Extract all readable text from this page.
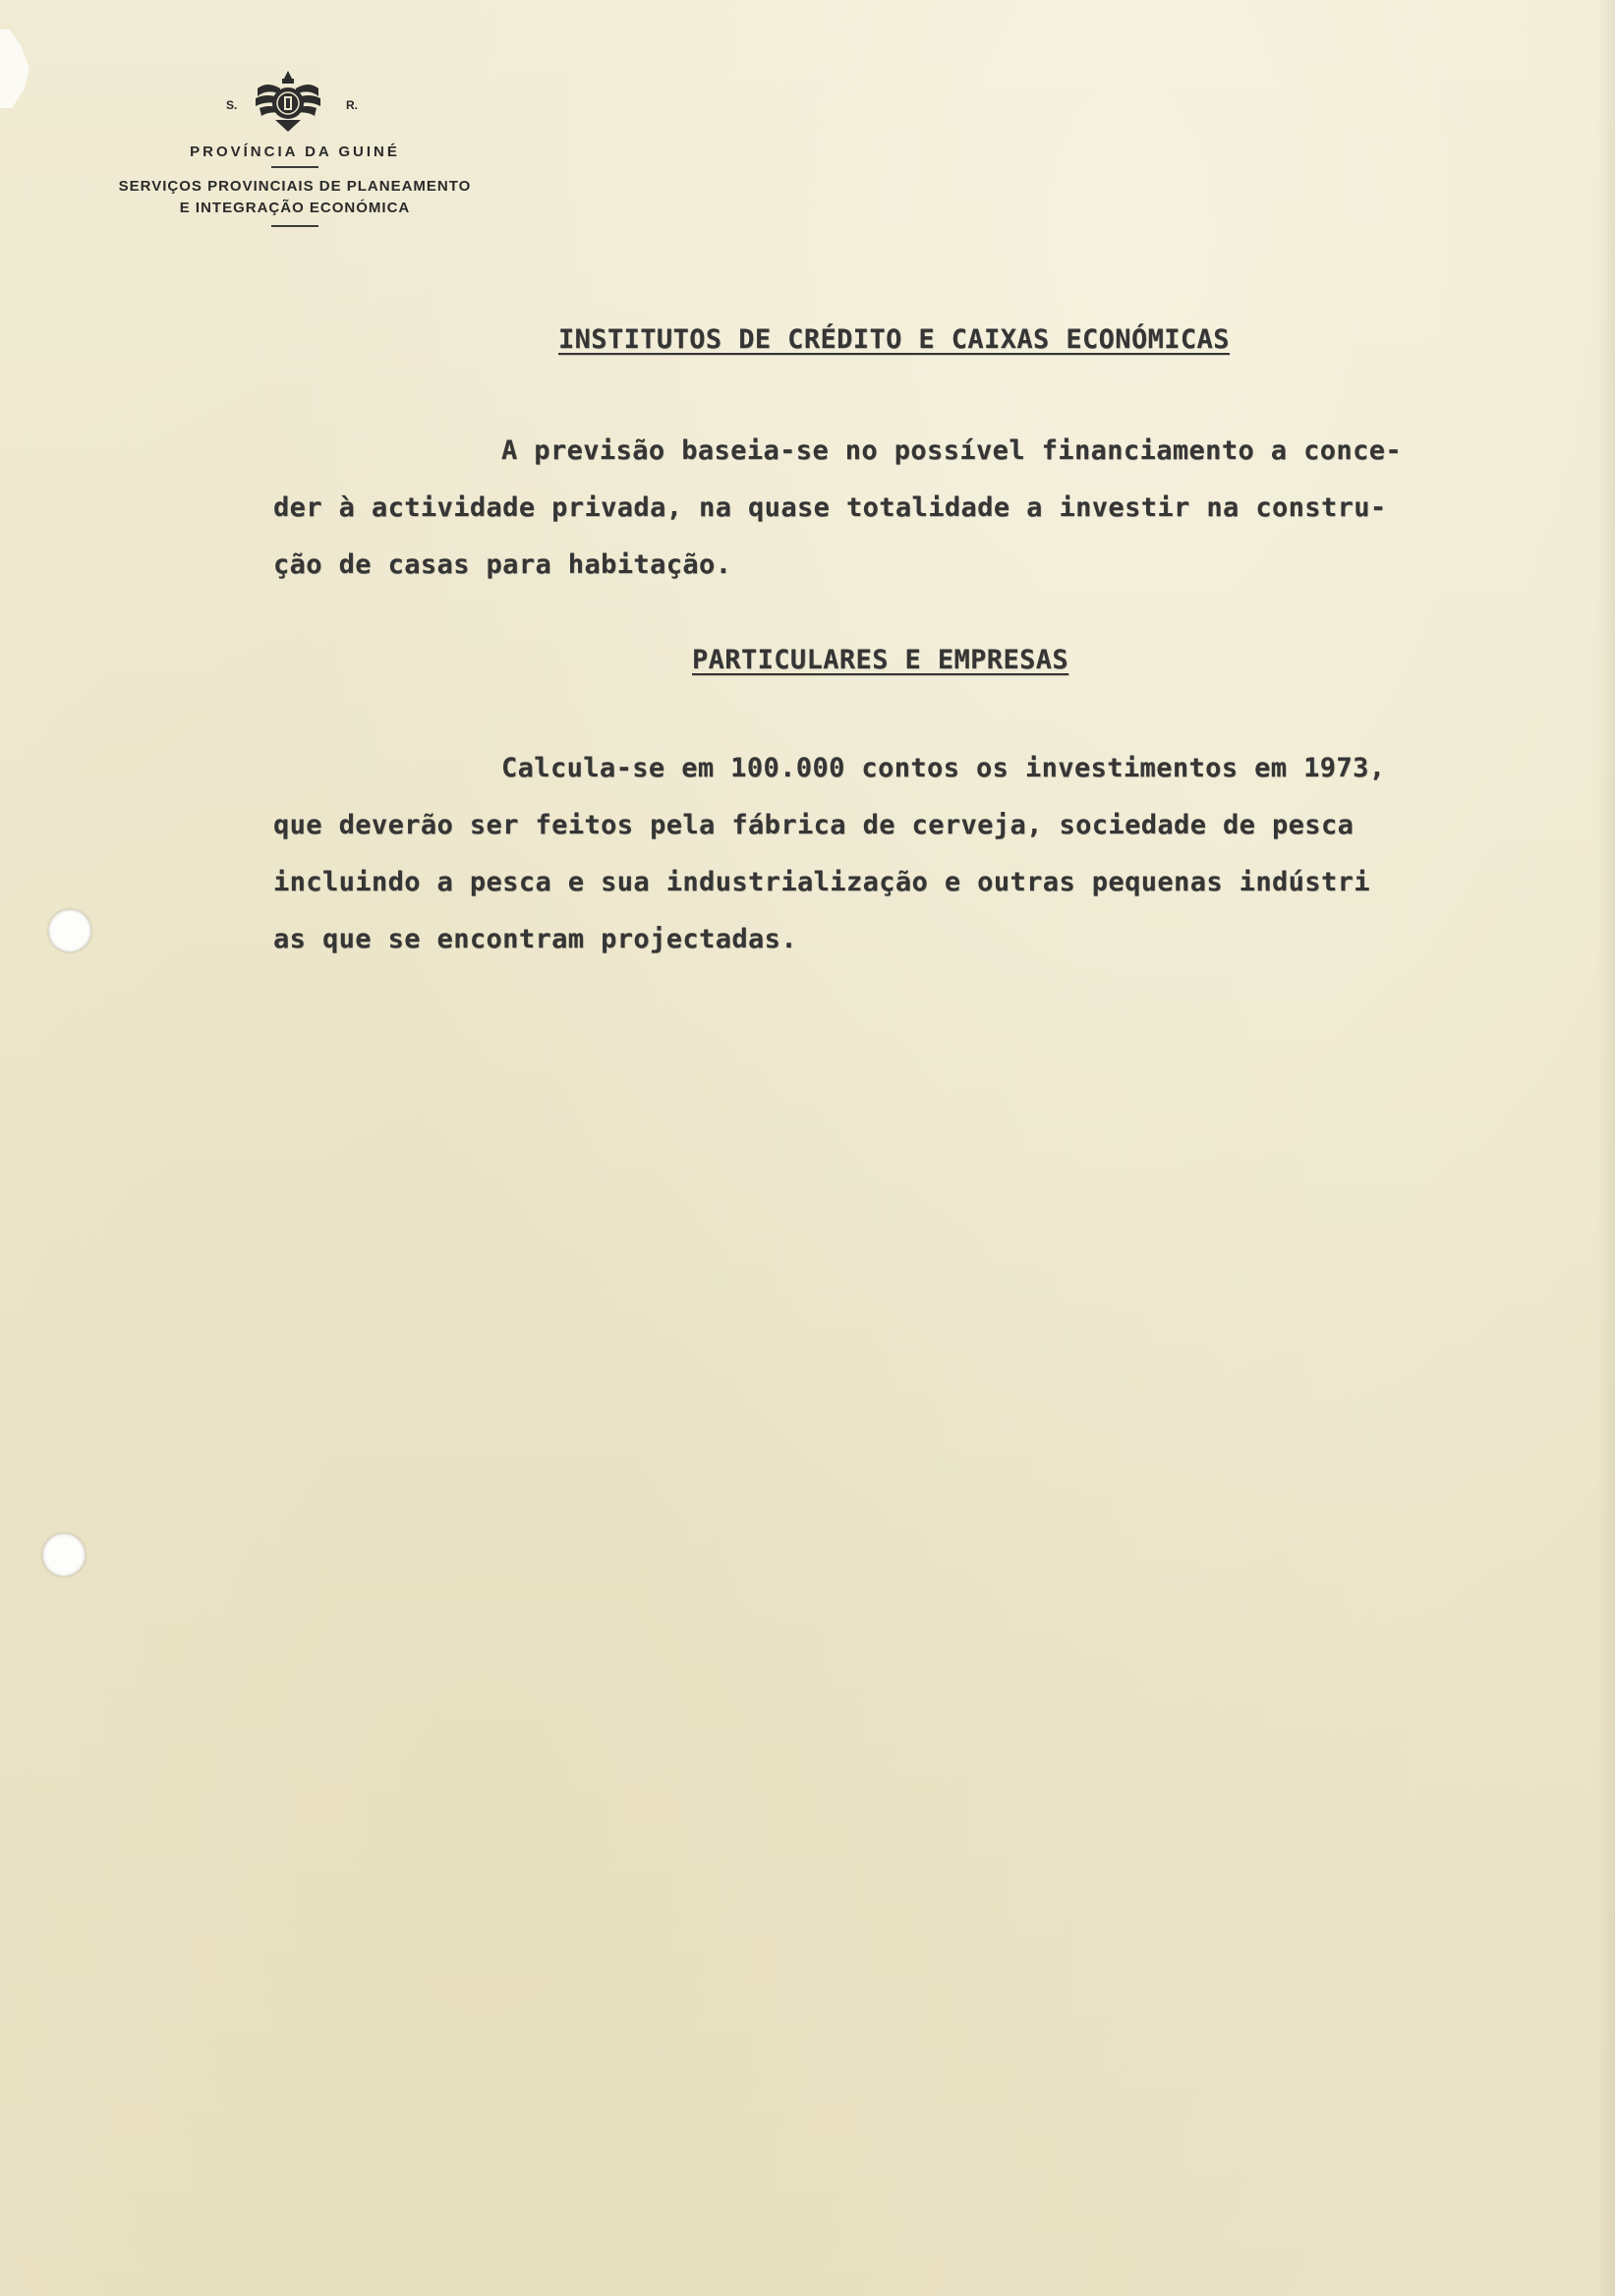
S.	R.
PROVÍNCIA DA GUINÉ
SERVIÇOS PROVINCIAIS DE PLANEAMENTO
E INTEGRAÇÃO ECONÓMICA
INSTITUTOS DE CRÉDITO E CAIXAS ECONÓMICAS

A previsão baseia-se no possível financiamento a conce-
der à actividade privada, na quase totalidade a investir na constru-
ção de casas para habitação.

PARTICULARES E EMPRESAS

Calcula-se em 100.000 contos os investimentos em 1973,
que deverão ser feitos pela fábrica de cerveja, sociedade de pesca
incluindo a pesca e sua industrialização e outras pequenas indústri
as que se encontram projectadas.
